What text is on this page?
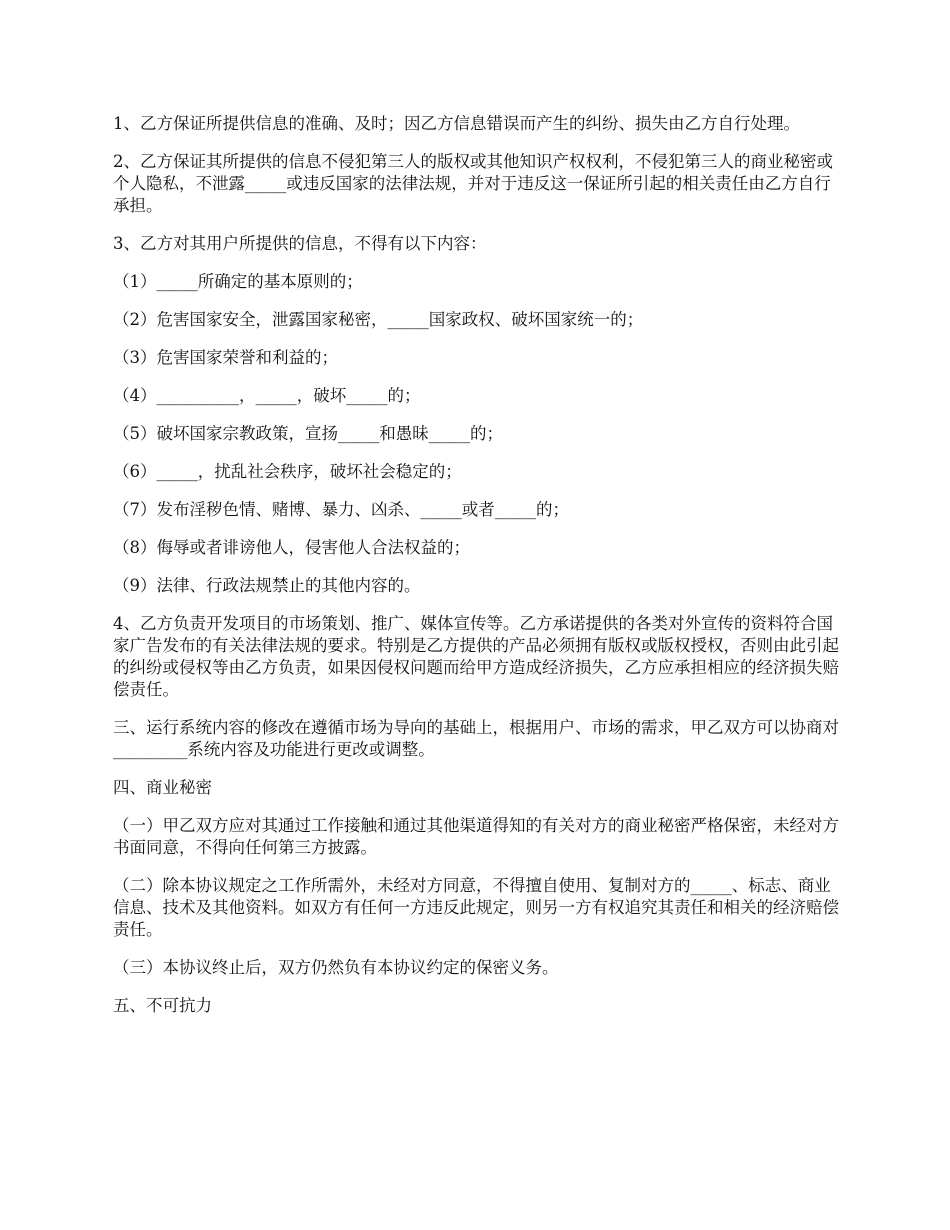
1、乙方保证所提供信息的准确、及时；因乙方信息错误而产生的纠纷、损失由乙方自行处理。

2、乙方保证其所提供的信息不侵犯第三人的版权或其他知识产权权利，不侵犯第三人的商业秘密或个人隐私，不泄露_____或违反国家的法律法规，并对于违反这一保证所引起的相关责任由乙方自行承担。

3、乙方对其用户所提供的信息，不得有以下内容：

（1）_____所确定的基本原则的；

（2）危害国家安全，泄露国家秘密，_____国家政权、破坏国家统一的；

（3）危害国家荣誉和利益的；

（4）__________，_____，破坏_____的；

（5）破坏国家宗教政策，宣扬_____和愚昧_____的；

（6）_____，扰乱社会秩序，破坏社会稳定的；

（7）发布淫秽色情、赌博、暴力、凶杀、_____或者_____的；

（8）侮辱或者诽谤他人，侵害他人合法权益的；

（9）法律、行政法规禁止的其他内容的。

4、乙方负责开发项目的市场策划、推广、媒体宣传等。乙方承诺提供的各类对外宣传的资料符合国家广告发布的有关法律法规的要求。特别是乙方提供的产品必须拥有版权或版权授权，否则由此引起的纠纷或侵权等由乙方负责，如果因侵权问题而给甲方造成经济损失，乙方应承担相应的经济损失赔偿责任。

三、运行系统内容的修改在遵循市场为导向的基础上，根据用户、市场的需求，甲乙双方可以协商对_________系统内容及功能进行更改或调整。

四、商业秘密

（一）甲乙双方应对其通过工作接触和通过其他渠道得知的有关对方的商业秘密严格保密，未经对方书面同意，不得向任何第三方披露。

（二）除本协议规定之工作所需外，未经对方同意，不得擅自使用、复制对方的_____、标志、商业信息、技术及其他资料。如双方有任何一方违反此规定，则另一方有权追究其责任和相关的经济赔偿责任。

（三）本协议终止后，双方仍然负有本协议约定的保密义务。

五、不可抗力
